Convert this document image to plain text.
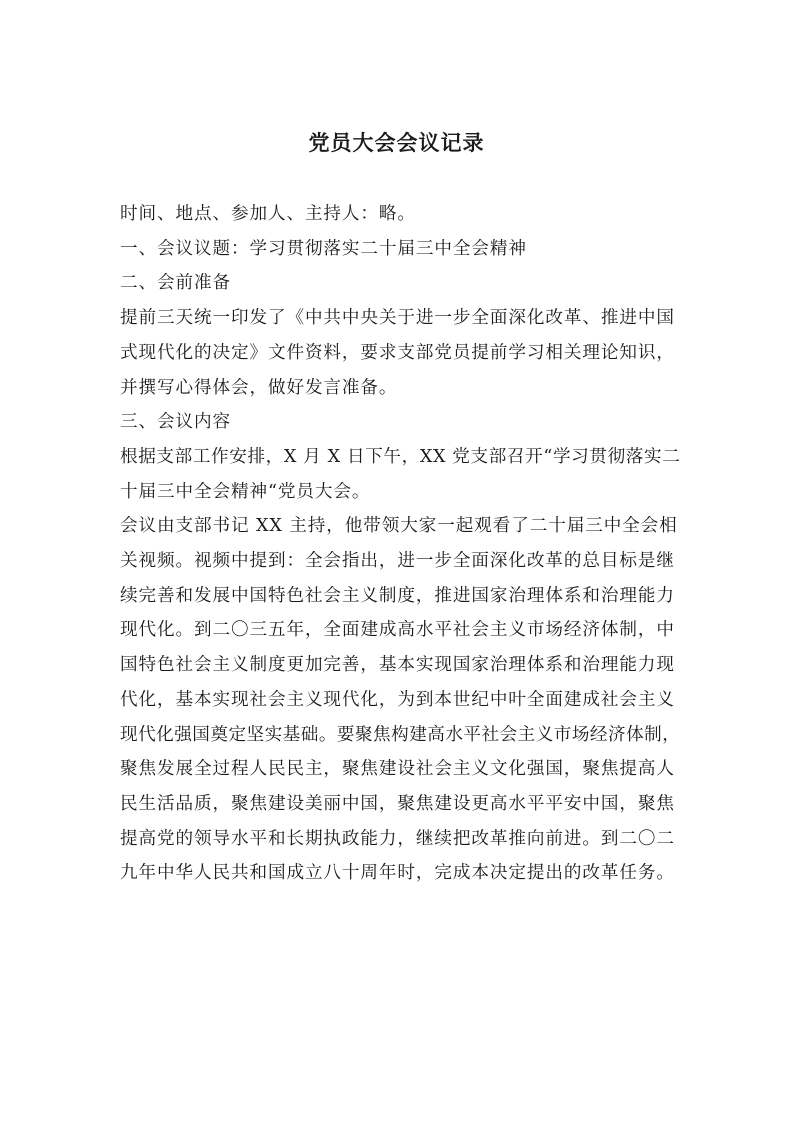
党员大会会议记录

时间、地点、参加人、主持人：略。

一、会议议题：学习贯彻落实二十届三中全会精神

二、会前准备

提前三天统一印发了《中共中央关于进一步全面深化改革、推进中国

式现代化的决定》文件资料，要求支部党员提前学习相关理论知识，

并撰写心得体会，做好发言准备。

三、会议内容

根据支部工作安排，X 月 X 日下午，XX 党支部召开“学习贯彻落实二

十届三中全会精神“党员大会。

会议由支部书记 XX 主持，他带领大家一起观看了二十届三中全会相

关视频。视频中提到：全会指出，进一步全面深化改革的总目标是继

续完善和发展中国特色社会主义制度，推进国家治理体系和治理能力

现代化。到二〇三五年，全面建成高水平社会主义市场经济体制，中

国特色社会主义制度更加完善，基本实现国家治理体系和治理能力现

代化，基本实现社会主义现代化，为到本世纪中叶全面建成社会主义

现代化强国奠定坚实基础。要聚焦构建高水平社会主义市场经济体制，

聚焦发展全过程人民民主，聚焦建设社会主义文化强国，聚焦提高人

民生活品质，聚焦建设美丽中国，聚焦建设更高水平平安中国，聚焦

提高党的领导水平和长期执政能力，继续把改革推向前进。到二〇二

九年中华人民共和国成立八十周年时，完成本决定提出的改革任务。
